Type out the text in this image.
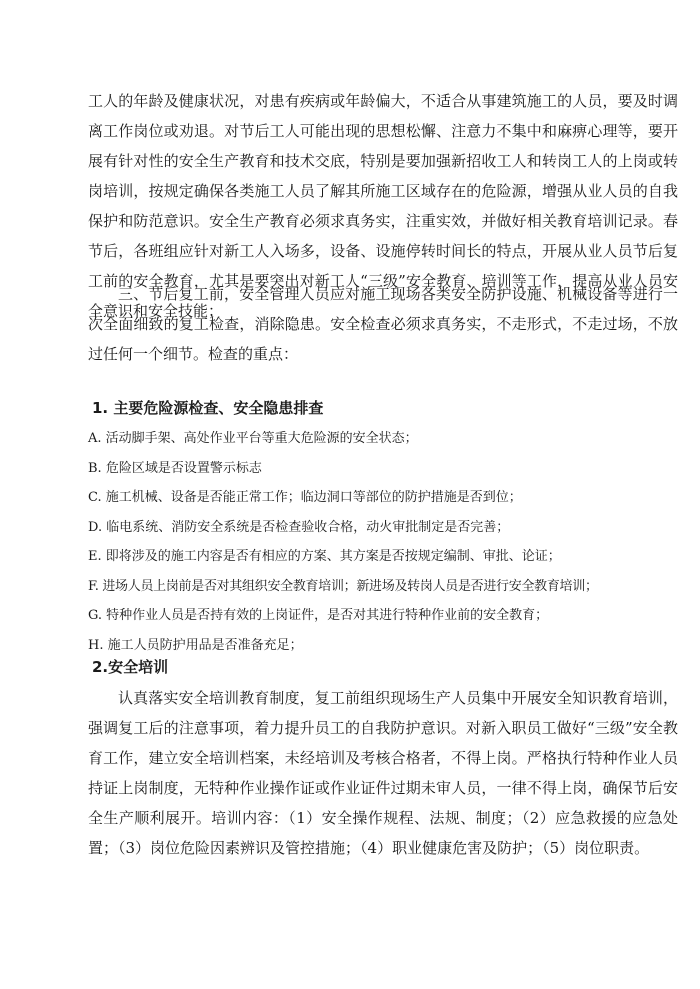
工人的年龄及健康状况，对患有疾病或年龄偏大，不适合从事建筑施工的人员，要及时调离工作岗位或劝退。对节后工人可能出现的思想松懈、注意力不集中和麻痹心理等，要开展有针对性的安全生产教育和技术交底，特别是要加强新招收工人和转岗工人的上岗或转岗培训，按规定确保各类施工人员了解其所施工区域存在的危险源，增强从业人员的自我保护和防范意识。安全生产教育必须求真务实，注重实效，并做好相关教育培训记录。春节后，各班组应针对新工人入场多，设备、设施停转时间长的特点，开展从业人员节后复工前的安全教育，尤其是要突出对新工人“三级”安全教育、培训等工作，提高从业人员安全意识和安全技能；

三、节后复工前，安全管理人员应对施工现场各类安全防护设施、机械设备等进行一次全面细致的复工检查，消除隐患。安全检查必须求真务实，不走形式，不走过场，不放过任何一个细节。检查的重点：

1. 主要危险源检查、安全隐患排查

A. 活动脚手架、高处作业平台等重大危险源的安全状态；
B. 危险区域是否设置警示标志
C. 施工机械、设备是否能正常工作；临边洞口等部位的防护措施是否到位；
D. 临电系统、消防安全系统是否检查验收合格，动火审批制定是否完善；
E. 即将涉及的施工内容是否有相应的方案、其方案是否按规定编制、审批、论证；
F. 进场人员上岗前是否对其组织安全教育培训；新进场及转岗人员是否进行安全教育培训；
G. 特种作业人员是否持有效的上岗证件，是否对其进行特种作业前的安全教育；
H. 施工人员防护用品是否准备充足；

2.安全培训

认真落实安全培训教育制度，复工前组织现场生产人员集中开展安全知识教育培训，强调复工后的注意事项，着力提升员工的自我防护意识。对新入职员工做好“三级”安全教育工作，建立安全培训档案，未经培训及考核合格者，不得上岗。严格执行特种作业人员持证上岗制度，无特种作业操作证或作业证件过期未审人员，一律不得上岗，确保节后安全生产顺利展开。培训内容：（1）安全操作规程、法规、制度；（2）应急救援的应急处置；（3）岗位危险因素辨识及管控措施；（4）职业健康危害及防护；（5）岗位职责。
